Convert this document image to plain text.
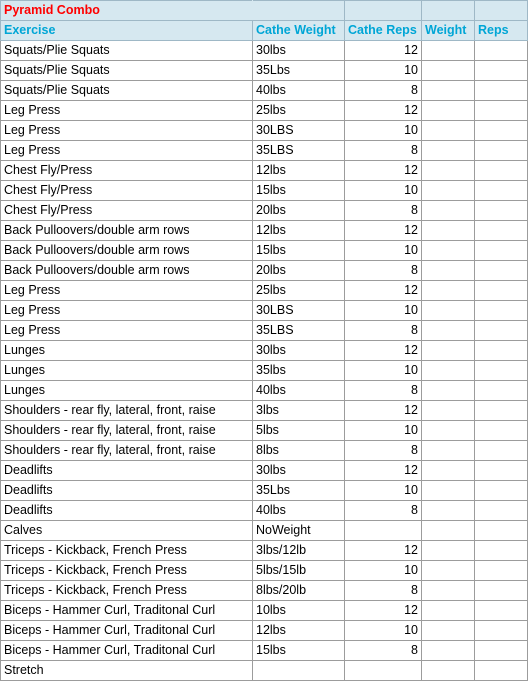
Pyramid Combo				
Exercise	Cathe Weight	Cathe Reps	Weight	Reps
Squats/Plie Squats	30lbs	12		
Squats/Plie Squats	35Lbs	10		
Squats/Plie Squats	40lbs	8		
Leg Press	25lbs	12		
Leg Press	30LBS	10		
Leg Press	35LBS	8		
Chest Fly/Press	12lbs	12		
Chest Fly/Press	15lbs	10		
Chest Fly/Press	20lbs	8		
Back Pulloovers/double arm rows	12lbs	12		
Back Pulloovers/double arm rows	15lbs	10		
Back Pulloovers/double arm rows	20lbs	8		
Leg Press	25lbs	12		
Leg Press	30LBS	10		
Leg Press	35LBS	8		
Lunges	30lbs	12		
Lunges	35lbs	10		
Lunges	40lbs	8		
Shoulders - rear fly, lateral, front, raise	3lbs	12		
Shoulders - rear fly, lateral, front, raise	5lbs	10		
Shoulders - rear fly, lateral, front, raise	8lbs	8		
Deadlifts	30lbs	12		
Deadlifts	35Lbs	10		
Deadlifts	40lbs	8		
Calves	NoWeight			
Triceps - Kickback, French Press	3lbs/12lb	12		
Triceps - Kickback, French Press	5lbs/15lb	10		
Triceps - Kickback, French Press	8lbs/20lb	8		
Biceps - Hammer Curl, Traditonal Curl	10lbs	12		
Biceps - Hammer Curl, Traditonal Curl	12lbs	10		
Biceps - Hammer Curl, Traditonal Curl	15lbs	8		
Stretch				
